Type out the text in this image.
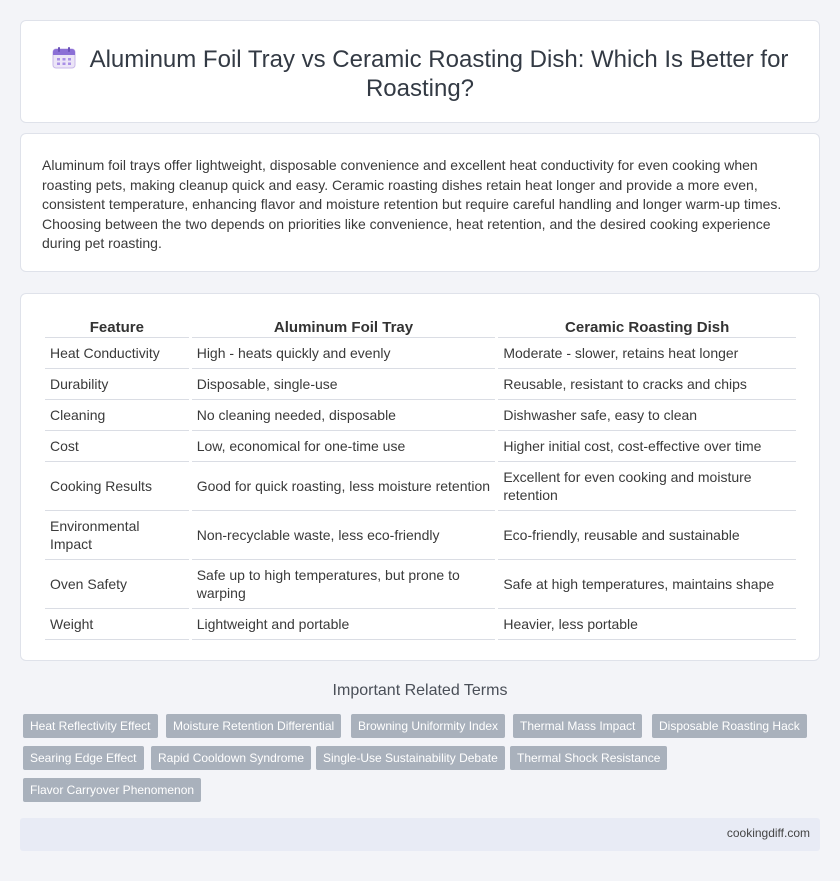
Aluminum Foil Tray vs Ceramic Roasting Dish: Which Is Better for Roasting?

Aluminum foil trays offer lightweight, disposable convenience and excellent heat conductivity for even cooking when roasting pets, making cleanup quick and easy. Ceramic roasting dishes retain heat longer and provide a more even, consistent temperature, enhancing flavor and moisture retention but require careful handling and longer warm-up times. Choosing between the two depends on priorities like convenience, heat retention, and the desired cooking experience during pet roasting.

Feature	Aluminum Foil Tray	Ceramic Roasting Dish
Heat Conductivity	High - heats quickly and evenly	Moderate - slower, retains heat longer
Durability	Disposable, single-use	Reusable, resistant to cracks and chips
Cleaning	No cleaning needed, disposable	Dishwasher safe, easy to clean
Cost	Low, economical for one-time use	Higher initial cost, cost-effective over time
Cooking Results	Good for quick roasting, less moisture retention	Excellent for even cooking and moisture retention
Environmental Impact	Non-recyclable waste, less eco-friendly	Eco-friendly, reusable and sustainable
Oven Safety	Safe up to high temperatures, but prone to warping	Safe at high temperatures, maintains shape
Weight	Lightweight and portable	Heavier, less portable
Important Related Terms
Heat Reflectivity Effect	Moisture Retention Differential	Browning Uniformity Index	Thermal Mass Impact	Disposable Roasting Hack
Searing Edge Effect	Rapid Cooldown Syndrome	Single-Use Sustainability Debate	Thermal Shock Resistance
Flavor Carryover Phenomenon
cookingdiff.com
